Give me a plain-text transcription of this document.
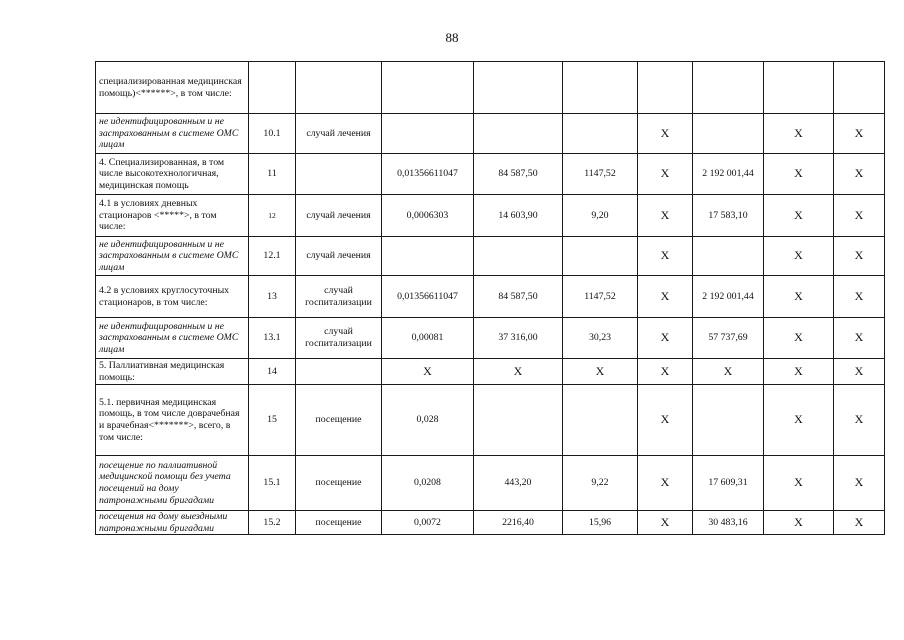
88
специализированная медицинская помощь)<******>, в том числе:									
не идентифицированным и не застрахованным в системе ОМС лицам	10.1	случай лечения				X		X	X
4. Специализированная, в том числе высокотехнологичная, медицинская помощь	11		0,01356611047	84 587,50	1147,52	X	2 192 001,44	X	X
4.1 в условиях дневных стационаров <*****>, в том числе:	12	случай лечения	0,0006303	14 603,90	9,20	X	17 583,10	X	X
не идентифицированным и не застрахованным в системе ОМС лицам	12.1	случай лечения				X		X	X
4.2 в условиях круглосуточных стационаров, в том числе:	13	случай госпитализации	0,01356611047	84 587,50	1147,52	X	2 192 001,44	X	X
не идентифицированным и не застрахованным в системе ОМС лицам	13.1	случай госпитализации	0,00081	37 316,00	30,23	X	57 737,69	X	X
5. Паллиативная медицинская помощь:	14		X	X	X	X	X	X	X
5.1. первичная медицинская помощь, в том числе доврачебная и врачебная<*******>, всего, в том числе:	15	посещение	0,028			X		X	X
посещение по паллиативной медицинской помощи без учета посещений на дому патронажными бригадами	15.1	посещение	0,0208	443,20	9,22	X	17 609,31	X	X
посещения на дому выездными патронажными бригадами	15.2	посещение	0,0072	2216,40	15,96	X	30 483,16	X	X
